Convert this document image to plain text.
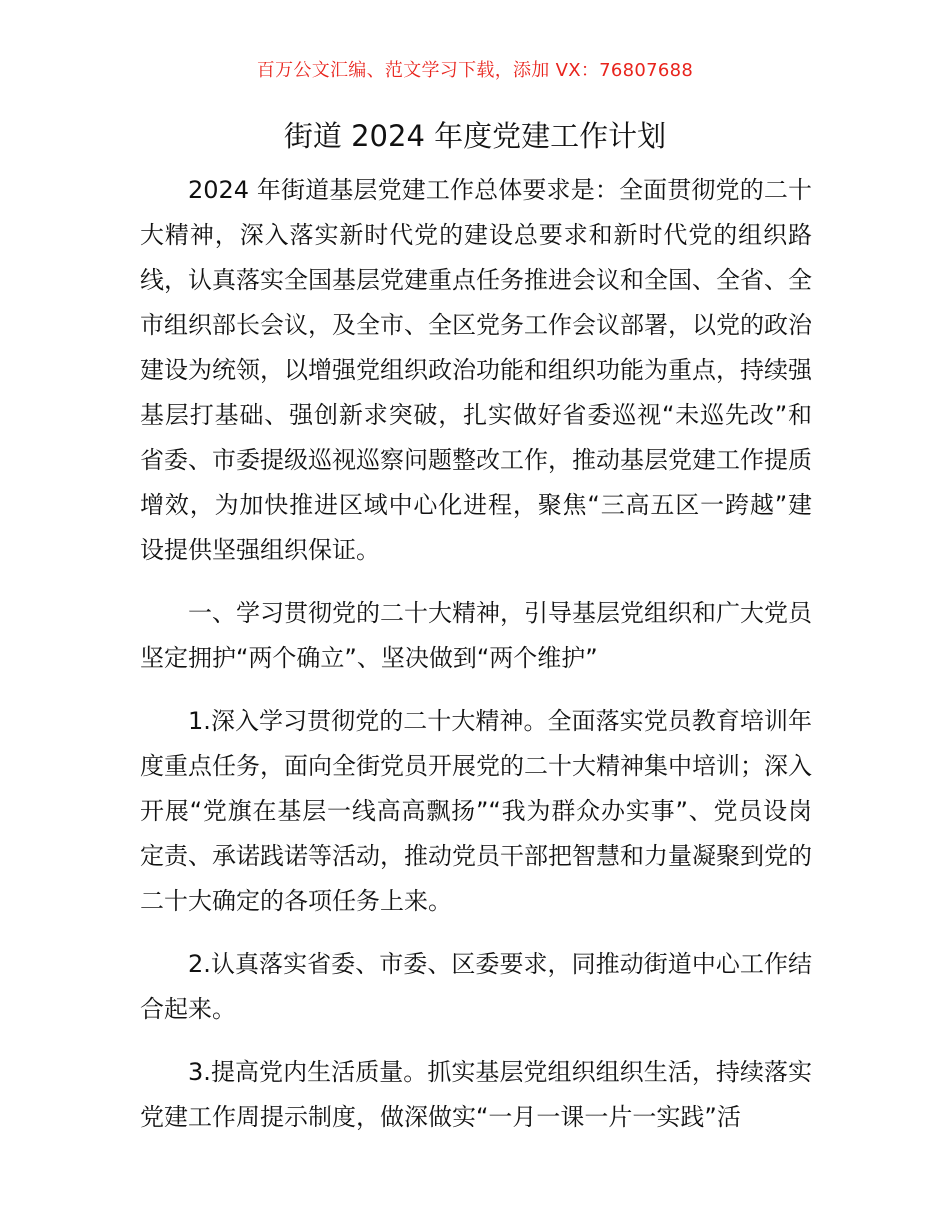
百万公文汇编、范文学习下载，添加 VX：76807688
街道 2024 年度党建工作计划

2024 年街道基层党建工作总体要求是：全面贯彻党的二十大精神，深入落实新时代党的建设总要求和新时代党的组织路线，认真落实全国基层党建重点任务推进会议和全国、全省、全市组织部长会议，及全市、全区党务工作会议部署，以党的政治建设为统领，以增强党组织政治功能和组织功能为重点，持续强基层打基础、强创新求突破，扎实做好省委巡视“未巡先改”和省委、市委提级巡视巡察问题整改工作，推动基层党建工作提质增效，为加快推进区域中心化进程，聚焦“三高五区一跨越”建设提供坚强组织保证。

一、学习贯彻党的二十大精神，引导基层党组织和广大党员坚定拥护“两个确立”、坚决做到“两个维护”

1.深入学习贯彻党的二十大精神。全面落实党员教育培训年度重点任务，面向全街党员开展党的二十大精神集中培训；深入开展“党旗在基层一线高高飘扬”“我为群众办实事”、党员设岗定责、承诺践诺等活动，推动党员干部把智慧和力量凝聚到党的二十大确定的各项任务上来。

2.认真落实省委、市委、区委要求，同推动街道中心工作结合起来。

3.提高党内生活质量。抓实基层党组织组织生活，持续落实党建工作周提示制度，做深做实“一月一课一片一实践”活
